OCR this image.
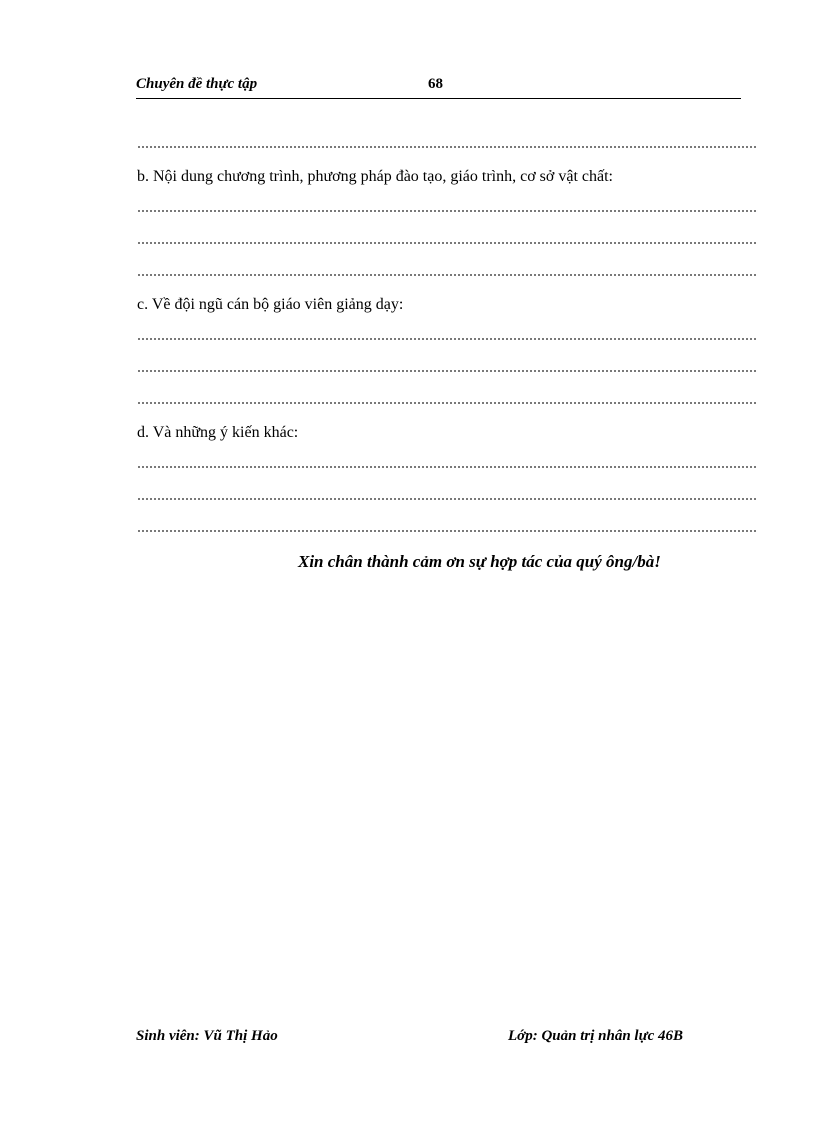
Chuyên đề thực tập	68
b. Nội dung chương trình, phương pháp đào tạo, giáo trình, cơ sở vật chất:
c. Về đội ngũ cán bộ giáo viên giảng dạy:
d. Và những ý kiến khác:
Xin chân thành cảm ơn sự hợp tác của quý ông/bà!
Sinh viên: Vũ Thị Hảo	Lớp: Quản trị nhân lực 46B
